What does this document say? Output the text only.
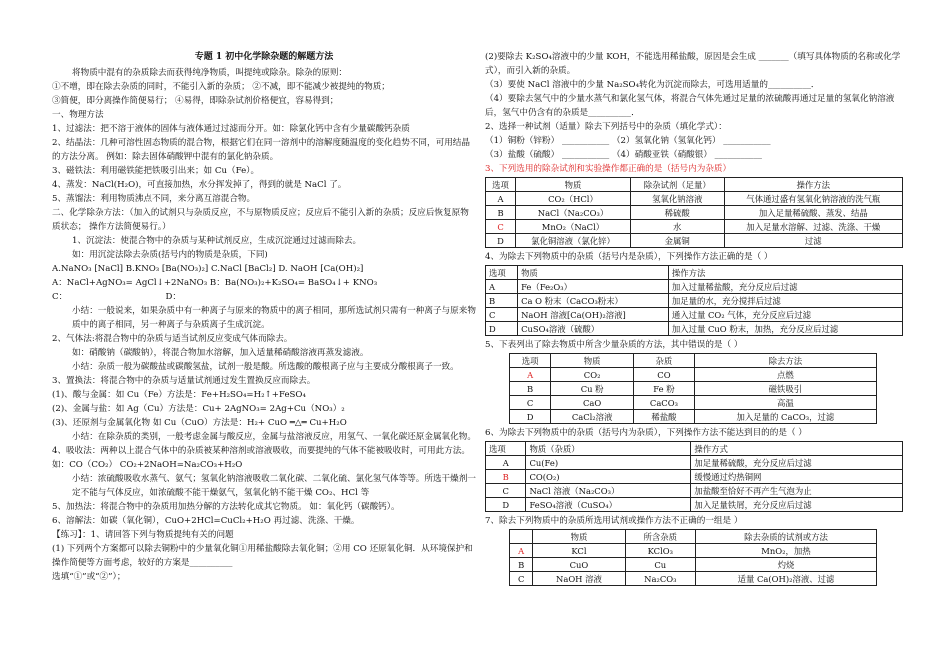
专题 1 初中化学除杂题的解题方法
将物质中混有的杂质除去而获得纯净物质，叫提纯或除杂。除杂的原则：
①不增，即在除去杂质的同时，不能引入新的杂质； ②不减，即不能减少被提纯的物质；
③简便，即分离操作简便易行； ④易得，即除杂试剂价格便宜，容易得到；
一、物理方法
1、过滤法：把不溶于液体的固体与液体通过过滤而分开。如：除氯化钙中含有少量碳酸钙杂质
2、结晶法：几种可溶性固态物质的混合物，根据它们在同一溶剂中的溶解度随温度的变化趋势不同，可用结晶的方法分离。 例如：除去固体硝酸钾中混有的氯化钠杂质。
3、磁铁法：利用磁铁能把铁吸引出来；如 Cu（Fe）。
4、蒸发：NaCl(H₂O)，可直接加热，水分挥发掉了，得到的就是 NaCl 了。
5、蒸馏法：利用物质沸点不同，来分离互溶混合物。
二、化学除杂方法：（加入的试剂只与杂质反应，不与原物质反应；反应后不能引入新的杂质；反应后恢复原物质状态； 操作方法简便易行。）
1、沉淀法：使混合物中的杂质与某种试剂反应，生成沉淀通过过滤而除去。
如：用沉淀法除去杂质(括号内的物质是杂质，下同)
A.NaNO₃ [NaCl] B.KNO₃ [Ba(NO₃)₂] C.NaCl [BaCl₂] D. NaOH [Ca(OH)₂]
A：NaCl+AgNO₃= AgCl↓+2NaNO₃ B：Ba(NO₃)₂+K₂SO₄= BaSO₄↓+ KNO₃
C：                                    D：
小结：一般说来，如果杂质中有一种离子与原来的物质中的离子相同，那所选试剂只需有一种离子与原来物质中的离子相同，另一种离子与杂质离子生成沉淀。
2、气体法:将混合物中的杂质与适当试剂反应变成气体而除去。
如：硝酸钠（碳酸钠），将混合物加水溶解，加入适量稀硝酸溶液再蒸发滤液。
小结：杂质一般为碳酸盐或碳酸氢盐，试剂一般是酸。所选酸的酸根离子应与主要成分酸根离子一致。
3、置换法：将混合物中的杂质与适量试剂通过发生置换反应而除去。
(1)、酸与金属：如 Cu（Fe）方法是：Fe+H₂SO₄=H₂↑+FeSO₄
(2)、金属与盐：如 Ag（Cu）方法是：Cu+ 2AgNO₃= 2Ag+Cu（NO₃）₂
(3)、还原剂与金属氧化物 如 Cu（CuO）方法是：H₂+ CuO ═△═ Cu+H₂O
小结：在除杂质的类别，一般考虑金属与酸反应，金属与盐溶液反应，用氢气、一氧化碳还原金属氧化物。
4、吸收法：两种以上混合气体中的杂质被某种溶剂或溶液吸收，而要提纯的气体不能被吸收时，可用此方法。 如：CO（CO₂） CO₂+2NaOH=Na₂CO₃+H₂O
小结：浓硫酸吸收水蒸气、氨气；氢氧化钠溶液吸收二氧化碳、二氧化硫、氯化氢气体等等。所选干燥剂一定不能与气体反应，如浓硫酸不能干燥氨气，氢氧化钠不能干燥 CO₂、HCl 等
5、加热法：将混合物中的杂质用加热分解的方法转化成其它物质。 如：氧化钙（碳酸钙）。
6、溶解法：如碳（氧化铜），CuO+2HCl=CuCl₂+H₂O 再过滤、洗涤、干燥。
【练习】：1、请回答下列与物质提纯有关的问题
(1) 下列两个方案都可以除去铜粉中的少量氧化铜①用稀盐酸除去氧化铜；②用 CO 还原氧化铜．从环境保护和操作简便等方面考虑，较好的方案是__________
选填“①”或“②”）；
(2)要除去 K₂SO₄溶液中的少量 KOH，不能选用稀盐酸，原因是会生成 _______（填写具体物质的名称或化学式），而引入新的杂质。
（3）要使 NaCl 溶液中的少量 Na₂SO₄转化为沉淀而除去，可选用适量的__________．
（4）要除去氢气中的少量水蒸气和氯化氢气体，将混合气体先通过足量的浓硫酸再通过足量的氢氧化钠溶液后，氢气中仍含有的杂质是__________．
2、选择一种试剂（适量）除去下列括号中的杂质（填化学式）：
（1）铜粉（锌粉） ___________ （2）氢氧化钠（氢氧化钙） ___________
（3）盐酸（硫酸） ___________ （4）硝酸亚铁（硝酸银） ___________
3、下列选用的除杂试剂和实验操作都正确的是（括号内为杂质）
选项	物质	除杂试剂（足量）	操作方法
A	CO₂（HCl）	氢氧化钠溶液	气体通过盛有氢氧化钠溶液的洗气瓶
B	NaCl（Na₂CO₃）	稀硫酸	加入足量稀硫酸、蒸发、结晶
C	MnO₂（NaCl）	水	加入足量水溶解、过滤、洗涤、干燥
D	氯化铜溶液（氯化锌）	金属铜	过滤
4、为除去下列物质中的杂质（括号内是杂质），下列操作方法正确的是（ ）
选项	物质	操作方法
A	Fe（Fe₂O₃）	加入过量稀盐酸，充分反应后过滤
B	Ca O 粉末（CaCO₃粉末）	加足量的水，充分搅拌后过滤
C	NaOH 溶液[Ca(OH)₂溶液]	通入过量 CO₂ 气体，充分反应后过滤
D	CuSO₄溶液（硫酸）	加入过量 CuO 粉末，加热，充分反应后过滤
5、下表列出了除去物质中所含少量杂质的方法，其中错误的是（ ）
选项	物质	杂质	除去方法
A	CO₂	CO	点燃
B	Cu 粉	Fe 粉	磁铁吸引
C	CaO	CaCO₃	高温
D	CaCl₂溶液	稀盐酸	加入足量的 CaCO₃，过滤
6、为除去下列物质中的杂质（括号内为杂质），下列操作方法不能达到目的的是（ ）
选项	物质（杂质）	操作方式
A	Cu(Fe)	加足量稀硫酸，充分反应后过滤
B	CO(O₂)	缓慢通过灼热铜网
C	NaCl 溶液（Na₂CO₃）	加盐酸至恰好不再产生气泡为止
D	FeSO₄溶液（CuSO₄）	加入足量铁屑，充分反应后过滤
7、除去下列物质中的杂质所选用试剂或操作方法不正确的一组是 ）
	物质	所含杂质	除去杂质的试剂或方法
A	KCl	KClO₃	MnO₂，加热
B	CuO	Cu	灼烧
C	NaOH 溶液	Na₂CO₃	适量 Ca(OH)₂溶液、过滤
